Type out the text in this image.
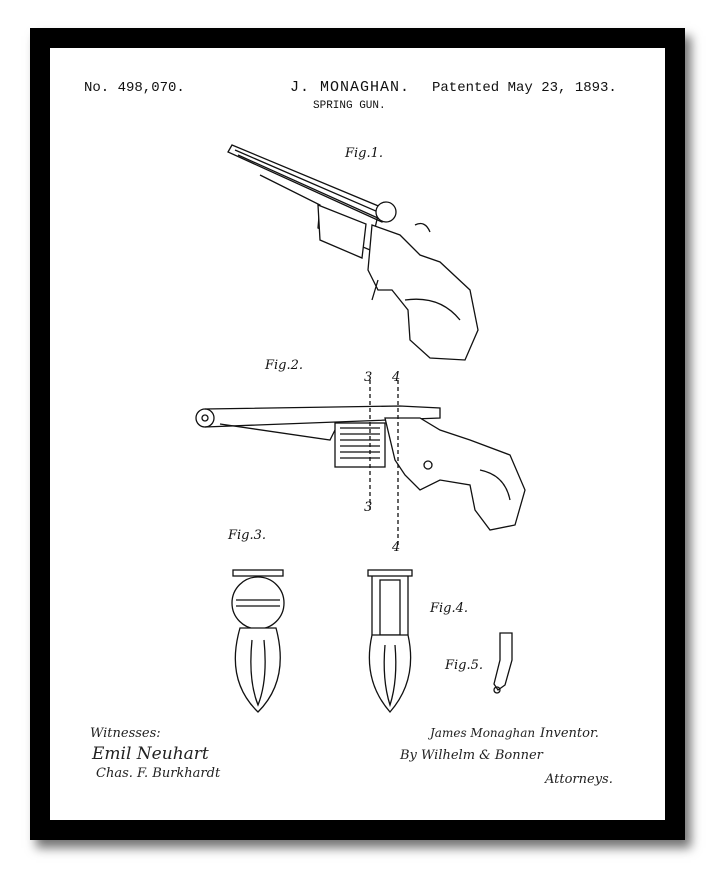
No. 498,070.	J. MONAGHAN. Patented May 23, 1893.
SPRING GUN.
Fig.1.
Fig.2.
Fig.3.
Fig.4.
Fig.5.
3 4
3
4
Witnesses:
Emil Neuhart
Chas. F. Burkhardt
James Monaghan Inventor.
By Wilhelm & Bonner
Attorneys.
